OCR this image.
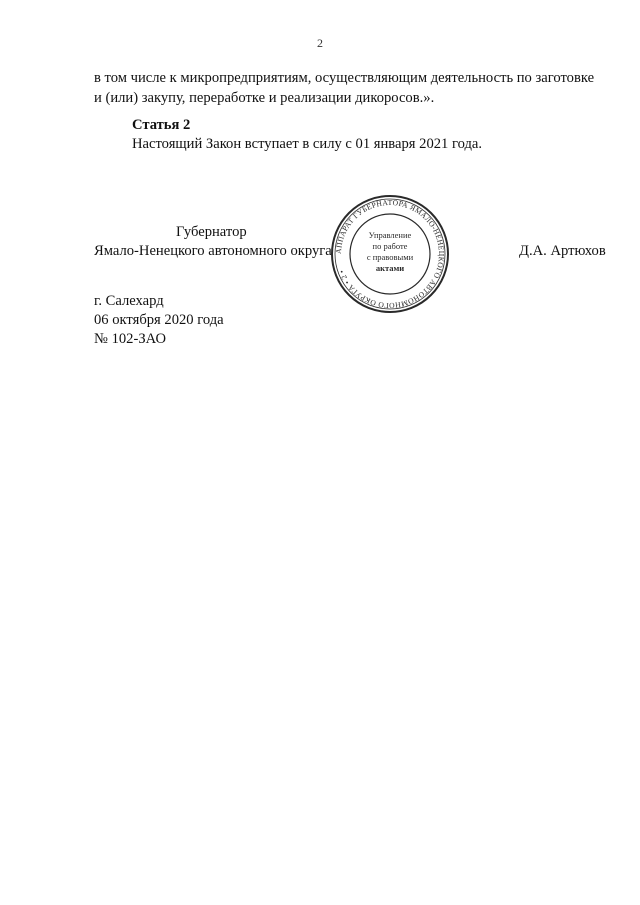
2
в том числе к микропредприятиям, осуществляющим деятельность по заготовке
и (или) закупу, переработке и реализации дикоросов.».
Статья 2
Настоящий Закон вступает в силу с 01 января 2021 года.
Губернатор
Ямало-Ненецкого автономного округа	Д.А. Артюхов
АППАРАТ ГУБЕРНАТОРА ЯМАЛО-НЕНЕЦКОГО АВТОНОМНОГО ОКРУГА • 2 •
Управление
по работе
с правовыми
актами
г. Салехард
06 октября 2020 года
№ 102-ЗАО
